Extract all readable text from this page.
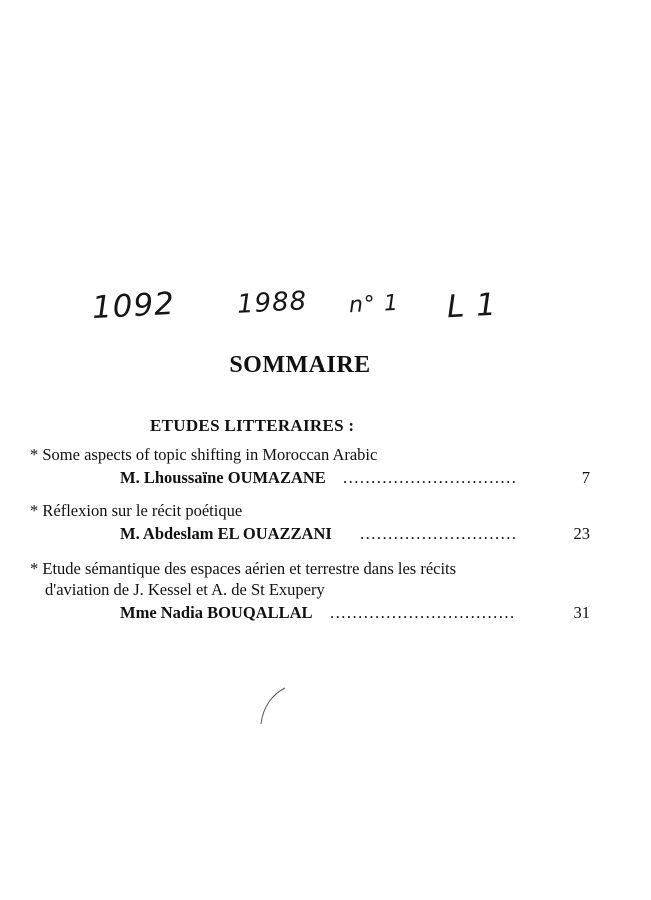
1092 1988 n° 1 L 1
SOMMAIRE
ETUDES LITTERAIRES :
* Some aspects of topic shifting in Moroccan Arabic
M. Lhoussaïne OUMAZANE ...............................	7
* Réflexion sur le récit poétique
M. Abdeslam EL OUAZZANI ............................	23
* Etude sémantique des espaces aérien et terrestre dans les récits
d'aviation de J. Kessel et A. de St Exupery
Mme Nadia BOUQALLAL .................................	31
